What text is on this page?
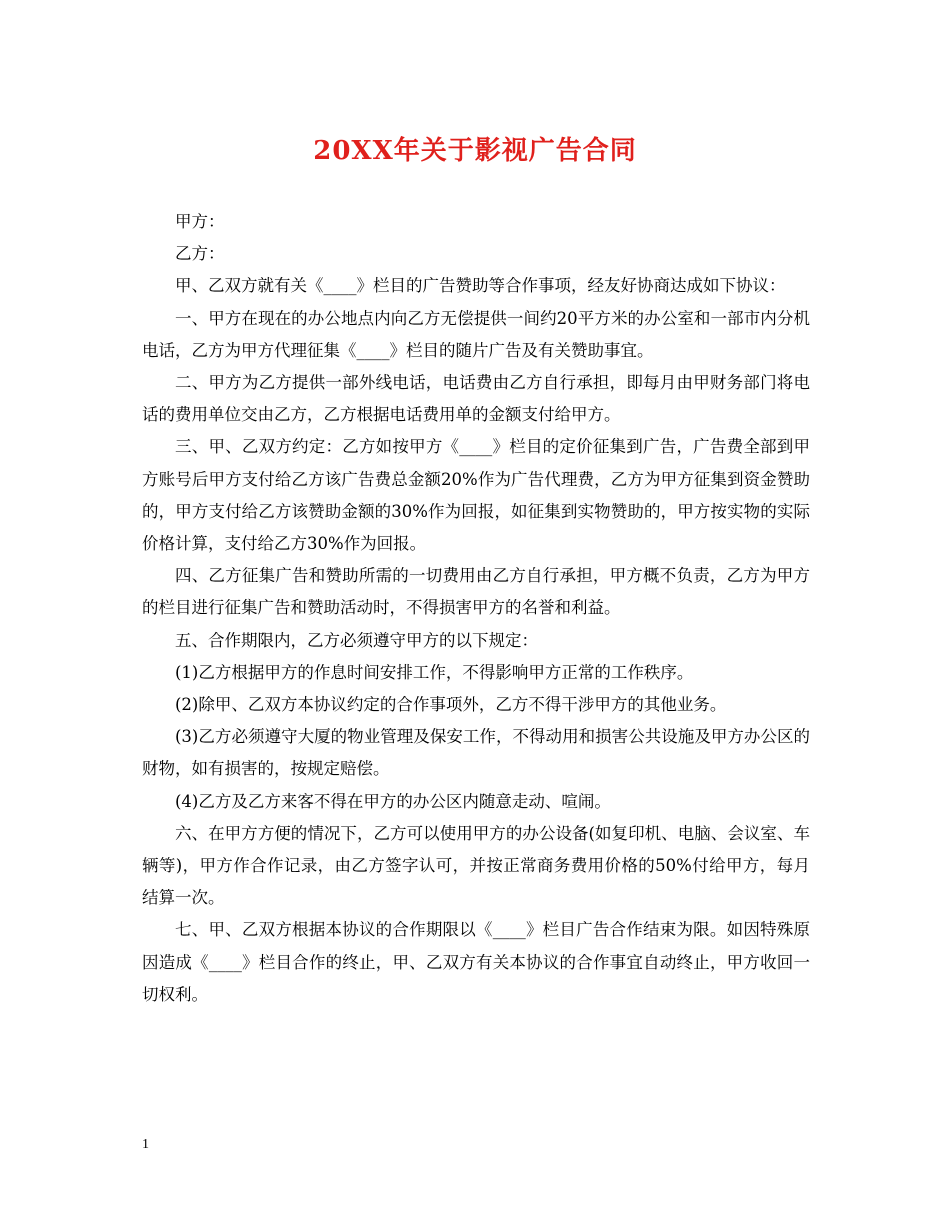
20XX年关于影视广告合同

甲方：

乙方：

甲、乙双方就有关《____》栏目的广告赞助等合作事项，经友好协商达成如下协议：

一、甲方在现在的办公地点内向乙方无偿提供一间约20平方米的办公室和一部市内分机电话，乙方为甲方代理征集《____》栏目的随片广告及有关赞助事宜。

二、甲方为乙方提供一部外线电话，电话费由乙方自行承担，即每月由甲财务部门将电话的费用单位交由乙方，乙方根据电话费用单的金额支付给甲方。

三、甲、乙双方约定：乙方如按甲方《____》栏目的定价征集到广告，广告费全部到甲方账号后甲方支付给乙方该广告费总金额20%作为广告代理费，乙方为甲方征集到资金赞助的，甲方支付给乙方该赞助金额的30%作为回报，如征集到实物赞助的，甲方按实物的实际价格计算，支付给乙方30%作为回报。

四、乙方征集广告和赞助所需的一切费用由乙方自行承担，甲方概不负责，乙方为甲方的栏目进行征集广告和赞助活动时，不得损害甲方的名誉和利益。

五、合作期限内，乙方必须遵守甲方的以下规定：

(1)乙方根据甲方的作息时间安排工作，不得影响甲方正常的工作秩序。

(2)除甲、乙双方本协议约定的合作事项外，乙方不得干涉甲方的其他业务。

(3)乙方必须遵守大厦的物业管理及保安工作，不得动用和损害公共设施及甲方办公区的财物，如有损害的，按规定赔偿。

(4)乙方及乙方来客不得在甲方的办公区内随意走动、喧闹。

六、在甲方方便的情况下，乙方可以使用甲方的办公设备(如复印机、电脑、会议室、车辆等)，甲方作合作记录，由乙方签字认可，并按正常商务费用价格的50%付给甲方，每月结算一次。

七、甲、乙双方根据本协议的合作期限以《____》栏目广告合作结束为限。如因特殊原因造成《____》栏目合作的终止，甲、乙双方有关本协议的合作事宜自动终止，甲方收回一切权利。

1
